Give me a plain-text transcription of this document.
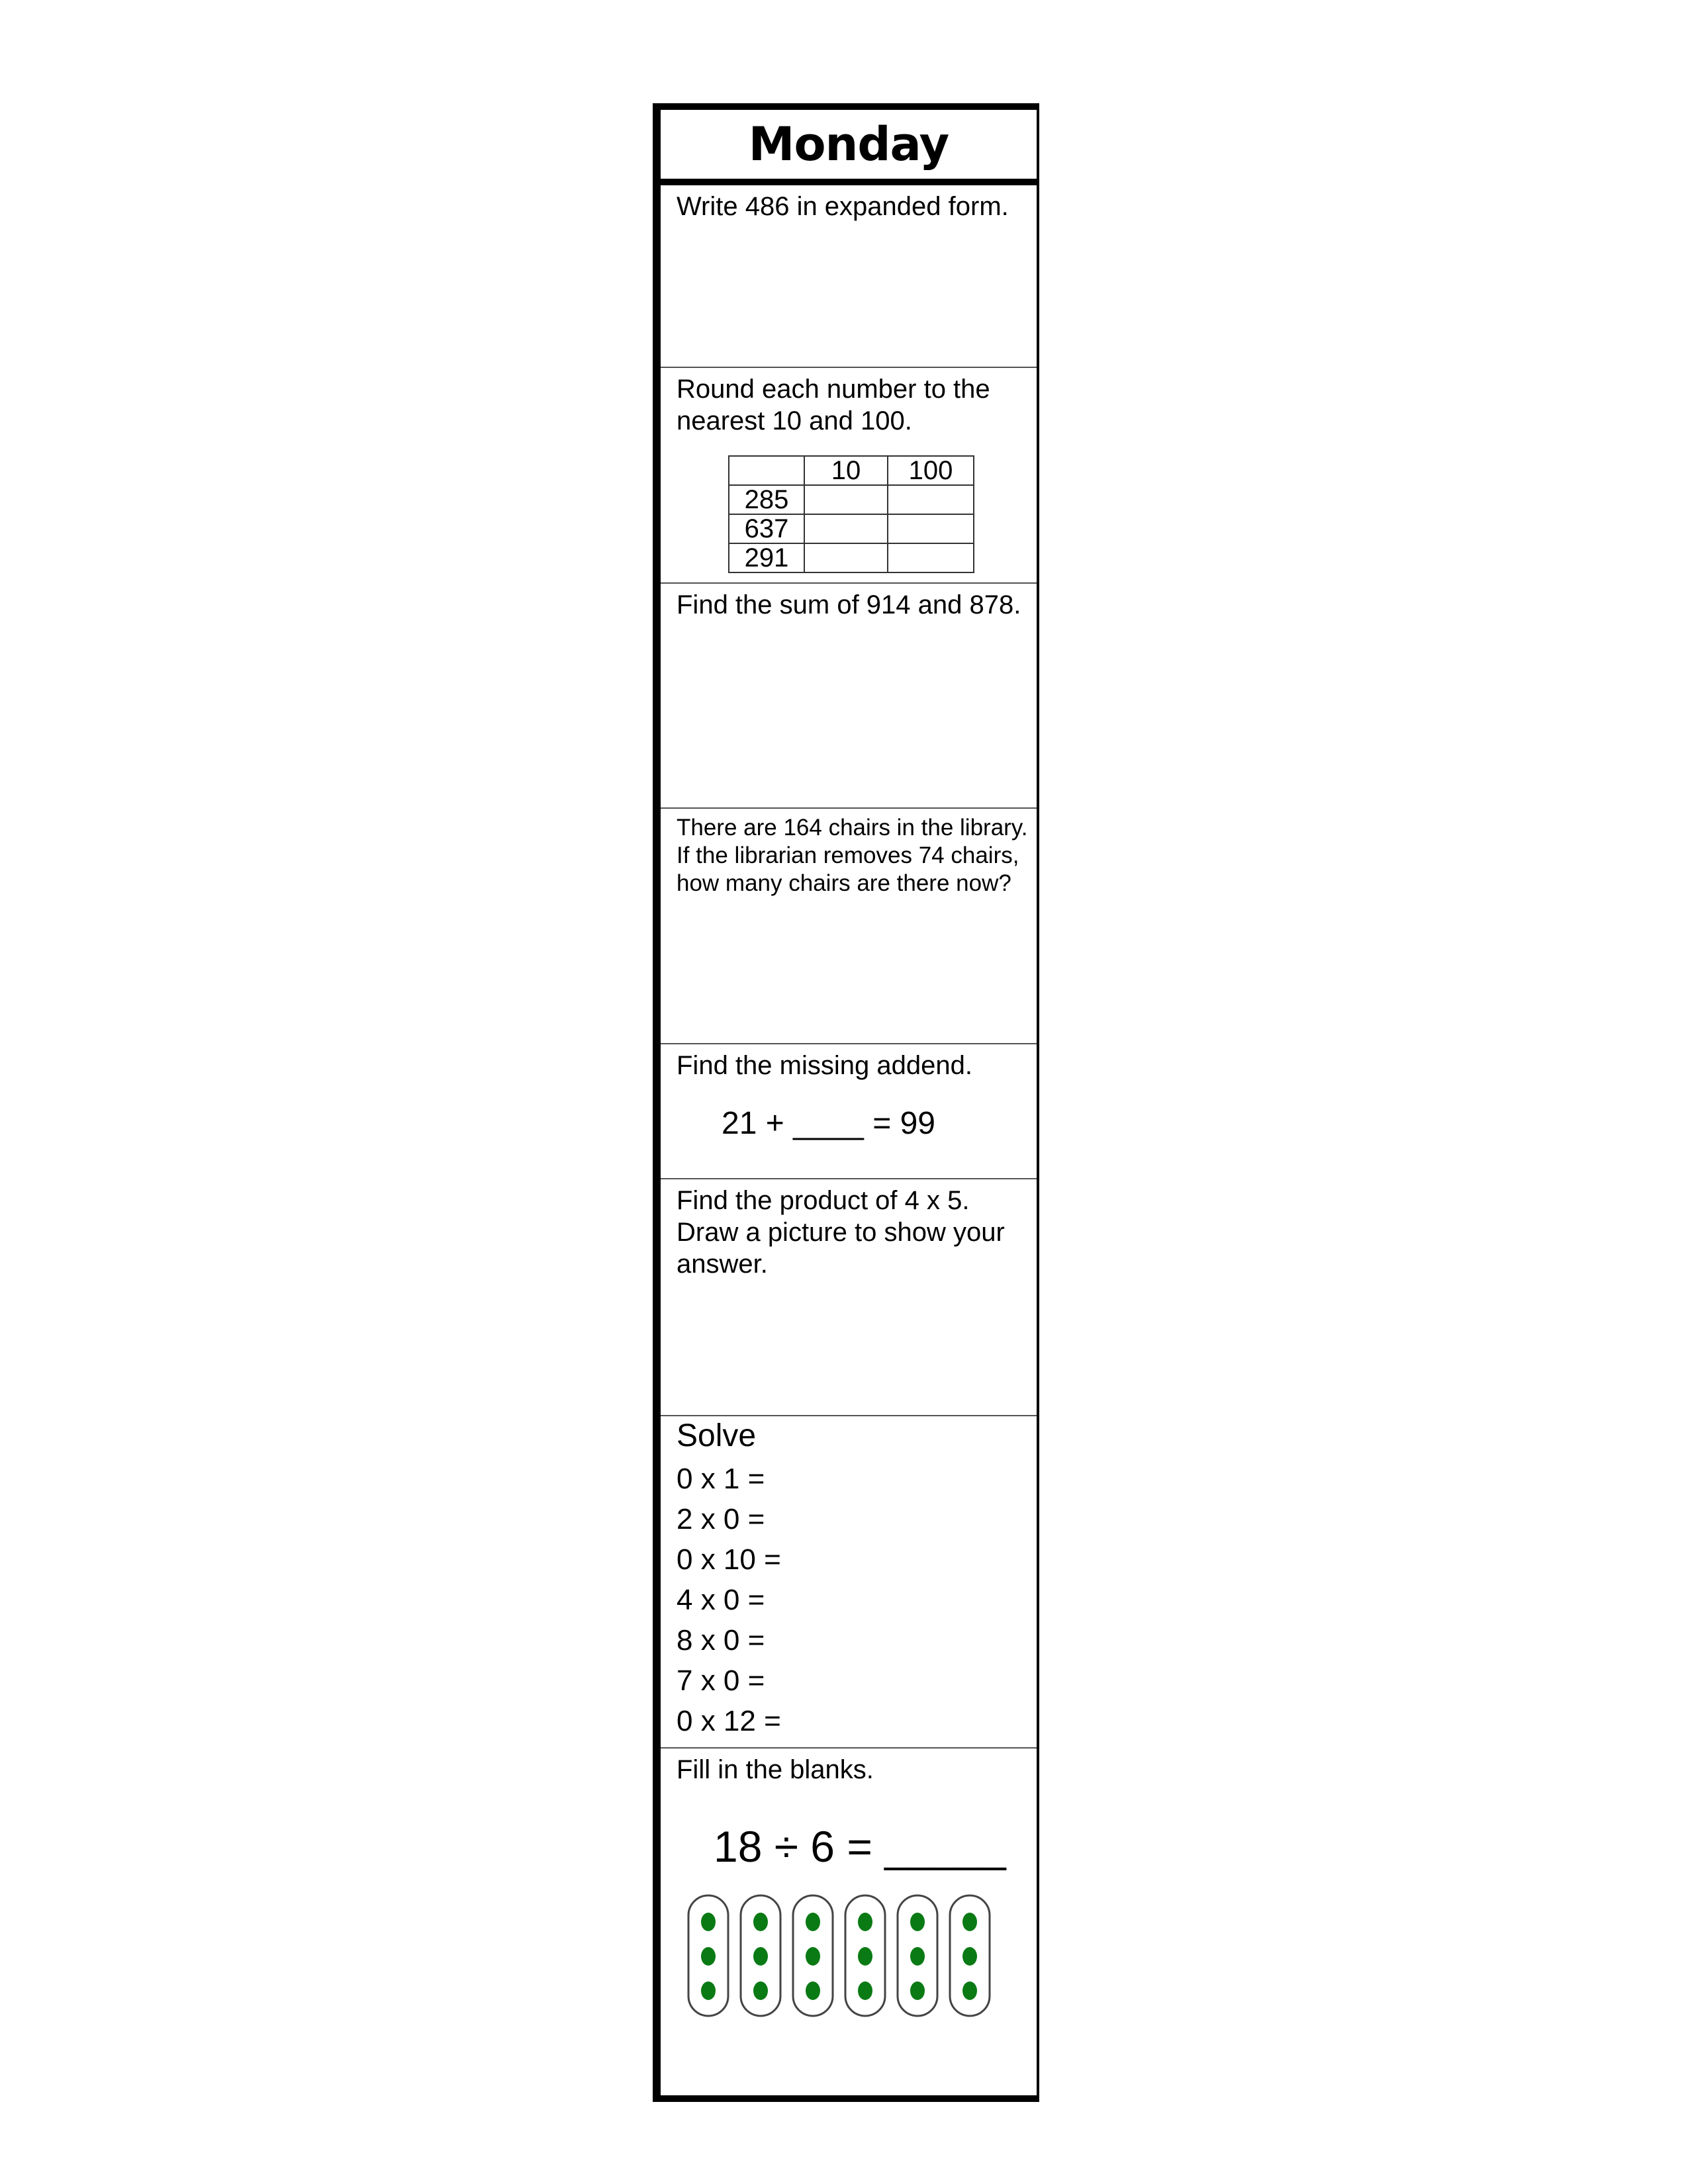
Monday
Write 486 in expanded form.
Round each number to the nearest 10 and 100.
	10	100
285		
637		
291		
Find the sum of 914 and 878.
There are 164 chairs in the library. If the librarian removes 74 chairs, how many chairs are there now?
Find the missing addend.
21 + ____ = 99
Find the product of 4 x 5. Draw a picture to show your answer.
Solve
0 x 1 =
2 x 0 =
0 x 10 =
4 x 0 =
8 x 0 =
7 x 0 =
0 x 12 =
Fill in the blanks.
18 ÷ 6 = _____
